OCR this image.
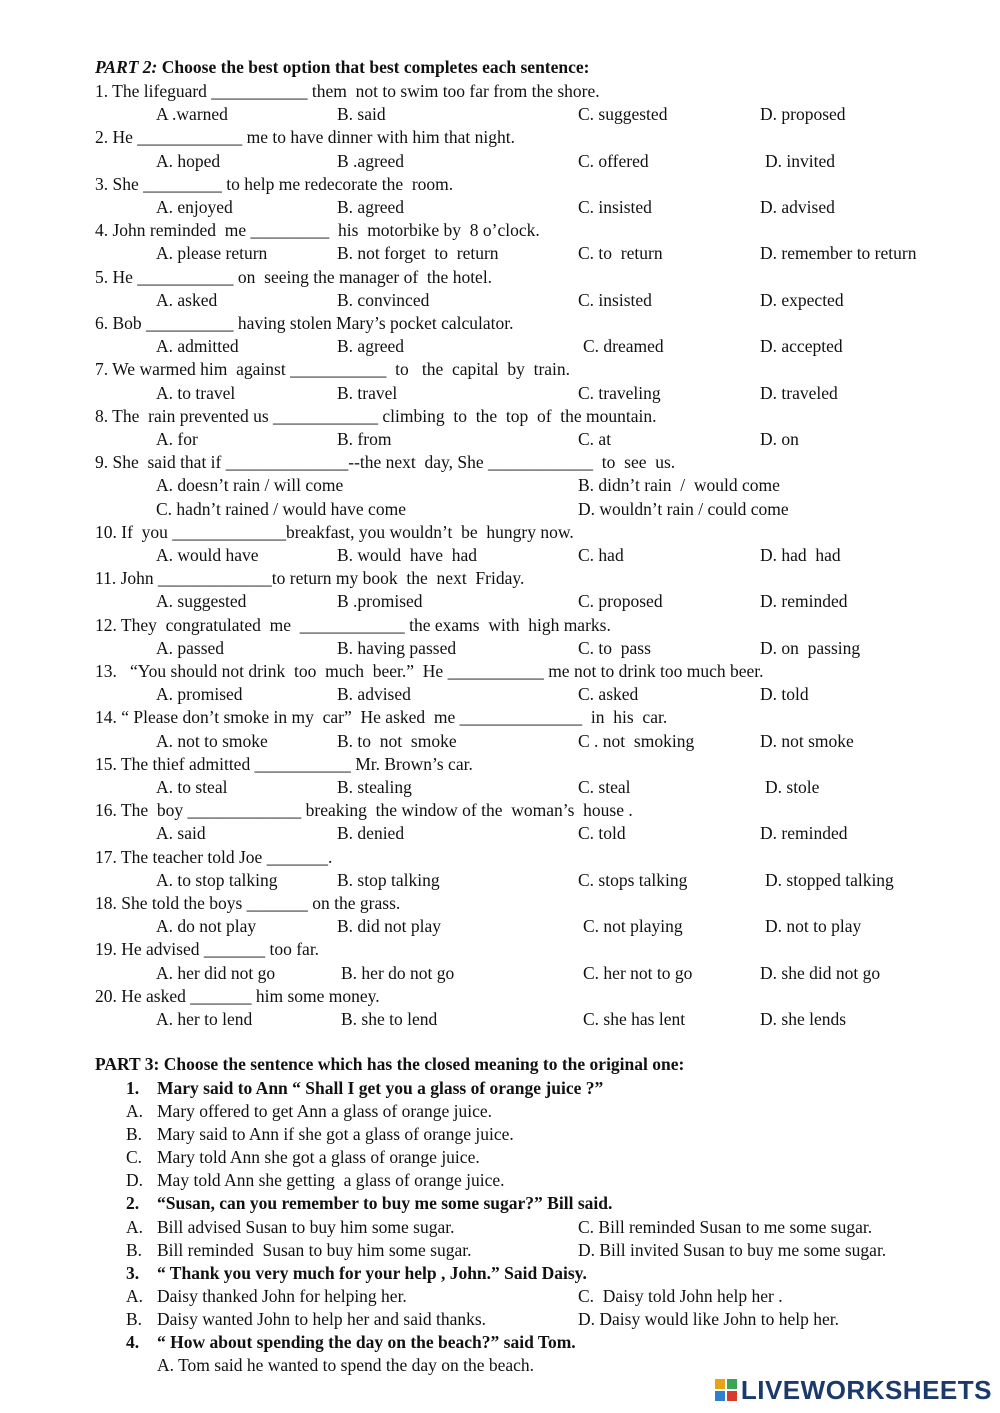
PART 2: Choose the best option that best completes each sentence:
1. The lifeguard ___________ them  not to swim too far from the shore.
A .warned	B. said	C. suggested	D. proposed
2. He ____________ me to have dinner with him that night.
A. hoped	B .agreed	C. offered	D. invited
3. She _________ to help me redecorate the  room.
A. enjoyed	B. agreed	C. insisted	D. advised
4. John reminded  me _________  his  motorbike by  8 o’clock.
A. please return	B. not forget  to  return	C. to  return	D. remember to return
5. He ___________ on  seeing the manager of  the hotel.
A. asked	B. convinced	C. insisted	D. expected
6. Bob __________ having stolen Mary’s pocket calculator.
A. admitted	B. agreed	C. dreamed	D. accepted
7. We warmed him  against ___________  to   the  capital  by  train.
A. to travel	B. travel	C. traveling	D. traveled
8. The  rain prevented us ____________ climbing  to  the  top  of  the mountain.
A. for	B. from	C. at	D. on
9. She  said that if ______________--the next  day, She ____________  to  see  us.
A. doesn’t rain / will come	B. didn’t rain  /  would come
C. hadn’t rained / would have come	D. wouldn’t rain / could come
10. If  you _____________breakfast, you wouldn’t  be  hungry now.
A. would have	B. would  have  had	C. had	D. had  had
11. John _____________to return my book  the  next  Friday.
A. suggested	B .promised	C. proposed	D. reminded
12. They  congratulated  me  ____________ the exams  with  high marks.
A. passed	B. having passed	C. to  pass	D. on  passing
13.   “You should not drink  too  much  beer.”  He ___________ me not to drink too much beer.
A. promised	B. advised	C. asked	D. told
14. “ Please don’t smoke in my  car”  He asked  me ______________  in  his  car.
A. not to smoke	B. to  not  smoke	C . not  smoking	D. not smoke
15. The thief admitted ___________ Mr. Brown’s car.
A. to steal	B. stealing	C. steal	D. stole
16. The  boy _____________ breaking  the window of the  woman’s  house .
A. said	B. denied	C. told	D. reminded
17. The teacher told Joe _______.
A. to stop talking	B. stop talking	C. stops talking	D. stopped talking
18. She told the boys _______ on the grass.
A. do not play	B. did not play	C. not playing	D. not to play
19. He advised _______ too far.
A. her did not go	B. her do not go	C. her not to go	D. she did not go
20. He asked _______ him some money.
A. her to lend	B. she to lend	C. she has lent	D. she lends
PART 3: Choose the sentence which has the closed meaning to the original one:
1. Mary said to Ann “ Shall I get you a glass of orange juice ?”
A. Mary offered to get Ann a glass of orange juice.
B. Mary said to Ann if she got a glass of orange juice.
C. Mary told Ann she got a glass of orange juice.
D. May told Ann she getting  a glass of orange juice.
2. “Susan, can you remember to buy me some sugar?” Bill said.
A. Bill advised Susan to buy him some sugar.	C. Bill reminded Susan to me some sugar.
B. Bill reminded  Susan to buy him some sugar.	D. Bill invited Susan to buy me some sugar.
3. “ Thank you very much for your help , John.” Said Daisy.
A. Daisy thanked John for helping her.	C.  Daisy told John help her .
B. Daisy wanted John to help her and said thanks.	D. Daisy would like John to help her.
4. “ How about spending the day on the beach?” said Tom.
A. Tom said he wanted to spend the day on the beach.
LIVEWORKSHEETS
